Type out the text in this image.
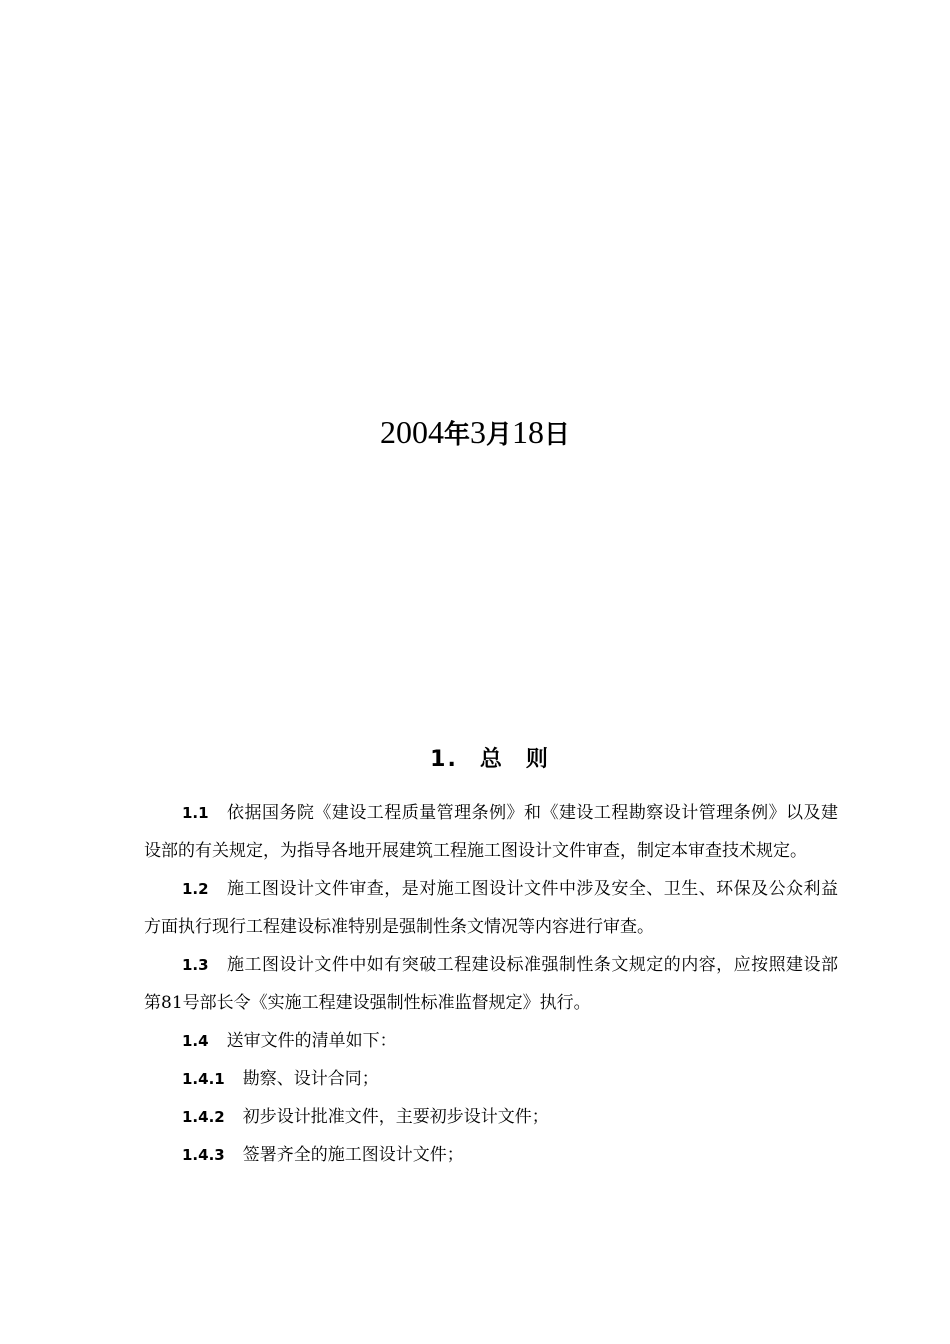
2004年3月18日
1. 总 则

1.1 依据国务院《建设工程质量管理条例》和《建设工程勘察设计管理条例》以及建设部的有关规定，为指导各地开展建筑工程施工图设计文件审查，制定本审查技术规定。

1.2 施工图设计文件审查，是对施工图设计文件中涉及安全、卫生、环保及公众利益方面执行现行工程建设标准特别是强制性条文情况等内容进行审查。

1.3 施工图设计文件中如有突破工程建设标准强制性条文规定的内容，应按照建设部第81号部长令《实施工程建设强制性标准监督规定》执行。

1.4 送审文件的清单如下：

1.4.1 勘察、设计合同；

1.4.2 初步设计批准文件，主要初步设计文件；

1.4.3 签署齐全的施工图设计文件；
